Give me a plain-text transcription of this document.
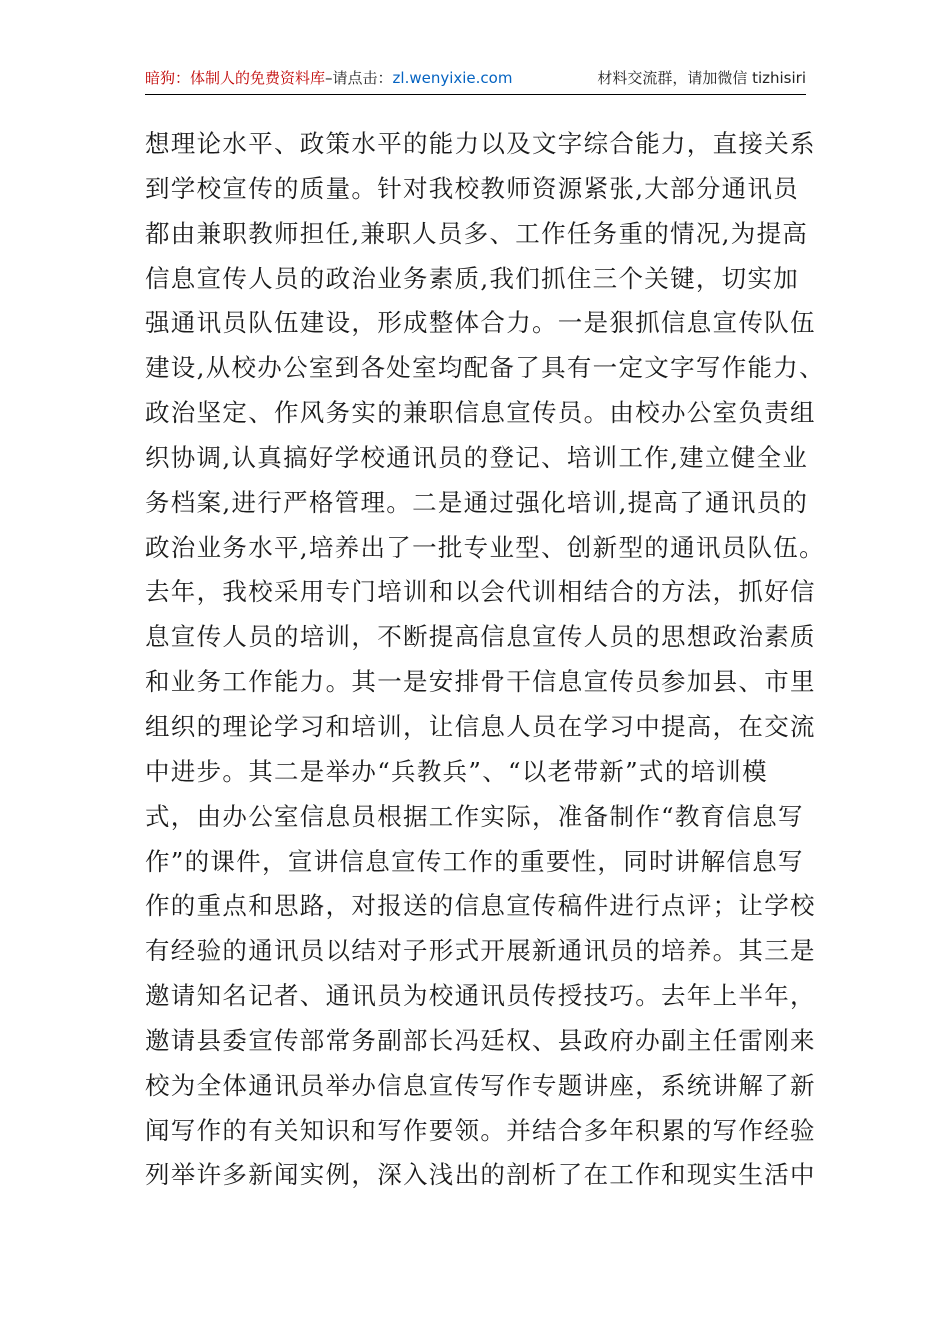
暗狗：体制人的免费资料库–请点击：zl.wenyixie.com	材料交流群，请加微信 tizhisiri
想理论水平、政策水平的能力以及文字综合能力，直接关系
到学校宣传的质量。针对我校教师资源紧张,大部分通讯员
都由兼职教师担任,兼职人员多、工作任务重的情况,为提高
信息宣传人员的政治业务素质,我们抓住三个关键，切实加
强通讯员队伍建设，形成整体合力。一是狠抓信息宣传队伍
建设,从校办公室到各处室均配备了具有一定文字写作能力、
政治坚定、作风务实的兼职信息宣传员。由校办公室负责组
织协调,认真搞好学校通讯员的登记、培训工作,建立健全业
务档案,进行严格管理。二是通过强化培训,提高了通讯员的
政治业务水平,培养出了一批专业型、创新型的通讯员队伍。
去年，我校采用专门培训和以会代训相结合的方法，抓好信
息宣传人员的培训，不断提高信息宣传人员的思想政治素质
和业务工作能力。其一是安排骨干信息宣传员参加县、市里
组织的理论学习和培训，让信息人员在学习中提高，在交流
中进步。其二是举办“兵教兵”、“以老带新”式的培训模
式，由办公室信息员根据工作实际，准备制作“教育信息写
作”的课件，宣讲信息宣传工作的重要性，同时讲解信息写
作的重点和思路，对报送的信息宣传稿件进行点评；让学校
有经验的通讯员以结对子形式开展新通讯员的培养。其三是
邀请知名记者、通讯员为校通讯员传授技巧。去年上半年，
邀请县委宣传部常务副部长冯廷权、县政府办副主任雷刚来
校为全体通讯员举办信息宣传写作专题讲座，系统讲解了新
闻写作的有关知识和写作要领。并结合多年积累的写作经验
列举许多新闻实例，深入浅出的剖析了在工作和现实生活中
